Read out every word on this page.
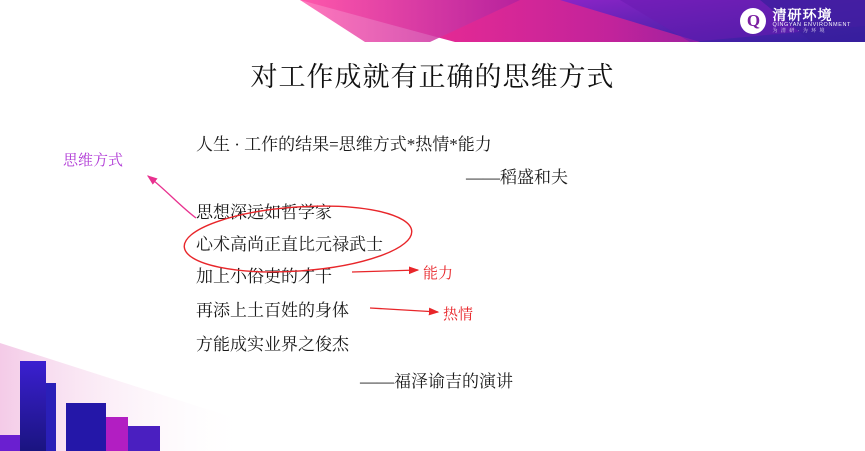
Q 清研环境
QINGYAN ENVIRONMENT
为 清 研 · 为 环 境
对工作成就有正确的思维方式
人生 · 工作的结果=思维方式*热情*能力
——稻盛和夫
思想深远如哲学家
心术高尚正直比元禄武士
加上小俗吏的才干
再添上土百姓的身体
方能成实业界之俊杰
——福泽谕吉的演讲
思维方式
能力
热情
